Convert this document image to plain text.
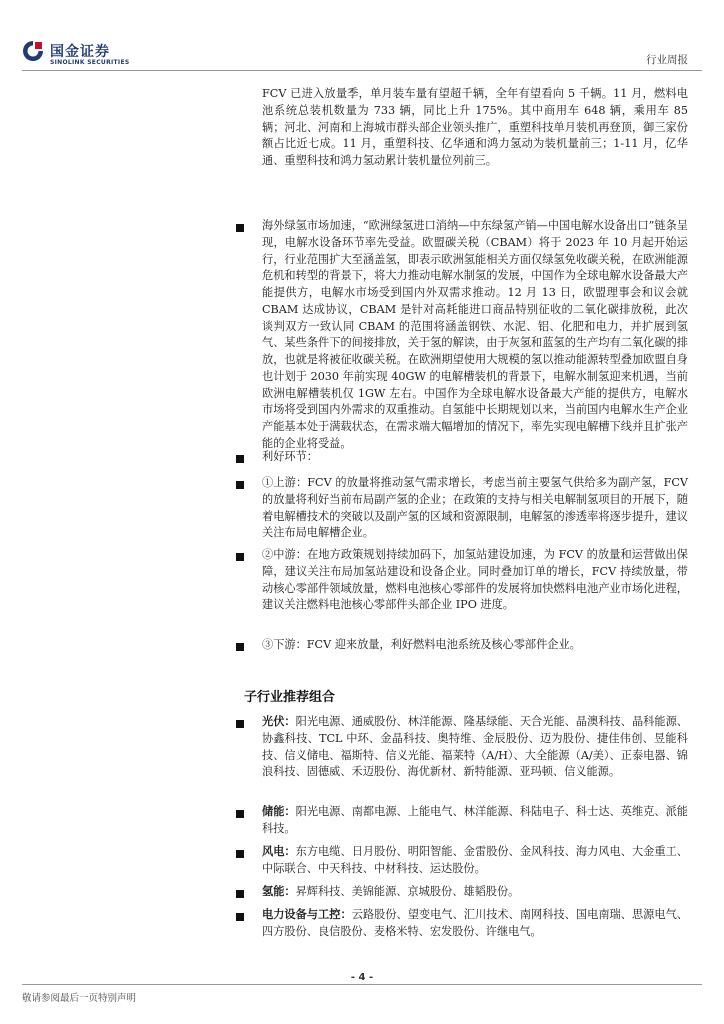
国金证券
SINOLINK SECURITIES	行业周报

FCV 已进入放量季，单月装车量有望超千辆，全年有望看向 5 千辆。11 月，燃料电池系统总装机数量为 733 辆，同比上升 175%。其中商用车 648 辆，乘用车 85 辆；河北、河南和上海城市群头部企业领头推广，重塑科技单月装机再登顶，御三家份额占比近七成。11 月，重塑科技、亿华通和鸿力氢动为装机量前三；1-11 月，亿华通、重塑科技和鸿力氢动累计装机量位列前三。

海外绿氢市场加速，“欧洲绿氢进口消纳—中东绿氢产销—中国电解水设备出口”链条呈现，电解水设备环节率先受益。欧盟碳关税（CBAM）将于 2023 年 10 月起开始运行，行业范围扩大至涵盖氢，即表示欧洲氢能相关方面仅绿氢免收碳关税，在欧洲能源危机和转型的背景下，将大力推动电解水制氢的发展，中国作为全球电解水设备最大产能提供方，电解水市场受到国内外双需求推动。12 月 13 日，欧盟理事会和议会就 CBAM 达成协议，CBAM 是针对高耗能进口商品特别征收的二氧化碳排放税，此次谈判双方一致认同 CBAM 的范围将涵盖钢铁、水泥、铝、化肥和电力，并扩展到氢气、某些条件下的间接排放，关于氢的解读，由于灰氢和蓝氢的生产均有二氧化碳的排放，也就是将被征收碳关税。在欧洲期望使用大规模的氢以推动能源转型叠加欧盟自身也计划于 2030 年前实现 40GW 的电解槽装机的背景下，电解水制氢迎来机遇，当前欧洲电解槽装机仅 1GW 左右。中国作为全球电解水设备最大产能的提供方，电解水市场将受到国内外需求的双重推动。自氢能中长期规划以来，当前国内电解水生产企业产能基本处于满载状态，在需求端大幅增加的情况下，率先实现电解槽下线并且扩张产能的企业将受益。

利好环节：

①上游：FCV 的放量将推动氢气需求增长，考虑当前主要氢气供给多为副产氢，FCV 的放量将利好当前布局副产氢的企业；在政策的支持与相关电解制氢项目的开展下，随着电解槽技术的突破以及副产氢的区域和资源限制，电解氢的渗透率将逐步提升，建议关注布局电解槽企业。

②中游：在地方政策规划持续加码下，加氢站建设加速，为 FCV 的放量和运营做出保障，建议关注布局加氢站建设和设备企业。同时叠加订单的增长，FCV 持续放量，带动核心零部件领域放量，燃料电池核心零部件的发展将加快燃料电池产业市场化进程，建议关注燃料电池核心零部件头部企业 IPO 进度。

③下游：FCV 迎来放量，利好燃料电池系统及核心零部件企业。

子行业推荐组合

光伏：阳光电源、通威股份、林洋能源、隆基绿能、天合光能、晶澳科技、晶科能源、协鑫科技、TCL 中环、金晶科技、奥特维、金辰股份、迈为股份、捷佳伟创、昱能科技、信义储电、福斯特、信义光能、福莱特（A/H）、大全能源（A/美）、正泰电器、锦浪科技、固德威、禾迈股份、海优新材、新特能源、亚玛顿、信义能源。

储能：阳光电源、南都电源、上能电气、林洋能源、科陆电子、科士达、英维克、派能科技。

风电：东方电缆、日月股份、明阳智能、金雷股份、金风科技、海力风电、大金重工、中际联合、中天科技、中材科技、运达股份。

氢能：昇辉科技、美锦能源、京城股份、雄韬股份。

电力设备与工控：云路股份、望变电气、汇川技术、南网科技、国电南瑞、思源电气、四方股份、良信股份、麦格米特、宏发股份、许继电气。

- 4 -
敬请参阅最后一页特别声明
